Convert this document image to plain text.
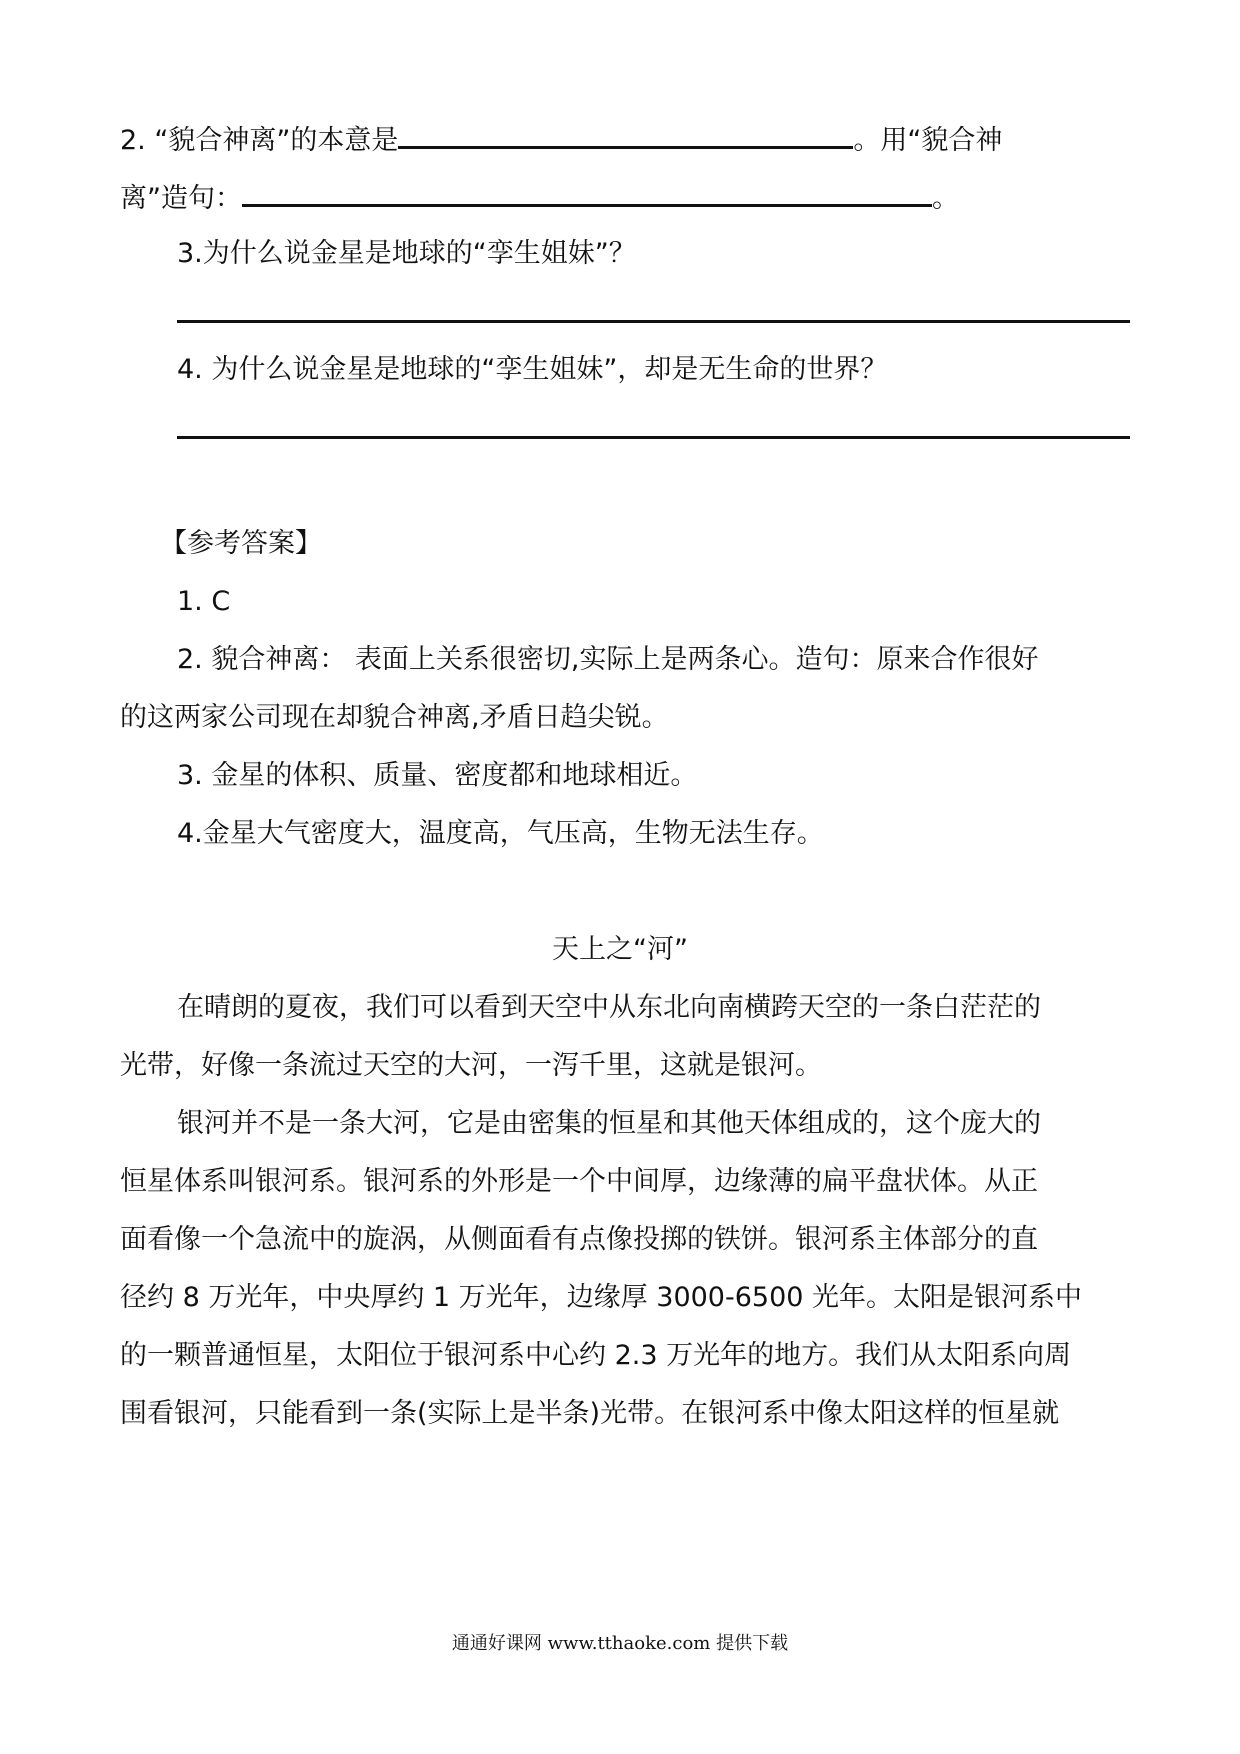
2. “貌合神离”的本意是	。用“貌合神
离”造句：	。
3.为什么说金星是地球的“孪生姐妹”？
4. 为什么说金星是地球的“孪生姐妹”，却是无生命的世界？
【参考答案】
1. C
2. 貌合神离： 表面上关系很密切,实际上是两条心。造句：原来合作很好
的这两家公司现在却貌合神离,矛盾日趋尖锐。
3. 金星的体积、质量、密度都和地球相近。
4.金星大气密度大，温度高，气压高，生物无法生存。
天上之“河”
在晴朗的夏夜，我们可以看到天空中从东北向南横跨天空的一条白茫茫的
光带，好像一条流过天空的大河，一泻千里，这就是银河。
银河并不是一条大河，它是由密集的恒星和其他天体组成的，这个庞大的
恒星体系叫银河系。银河系的外形是一个中间厚，边缘薄的扁平盘状体。从正
面看像一个急流中的旋涡，从侧面看有点像投掷的铁饼。银河系主体部分的直
径约 8 万光年，中央厚约 1 万光年，边缘厚 3000-6500 光年。太阳是银河系中
的一颗普通恒星，太阳位于银河系中心约 2.3 万光年的地方。我们从太阳系向周
围看银河，只能看到一条(实际上是半条)光带。在银河系中像太阳这样的恒星就
通通好课网 www.tthaoke.com 提供下载
